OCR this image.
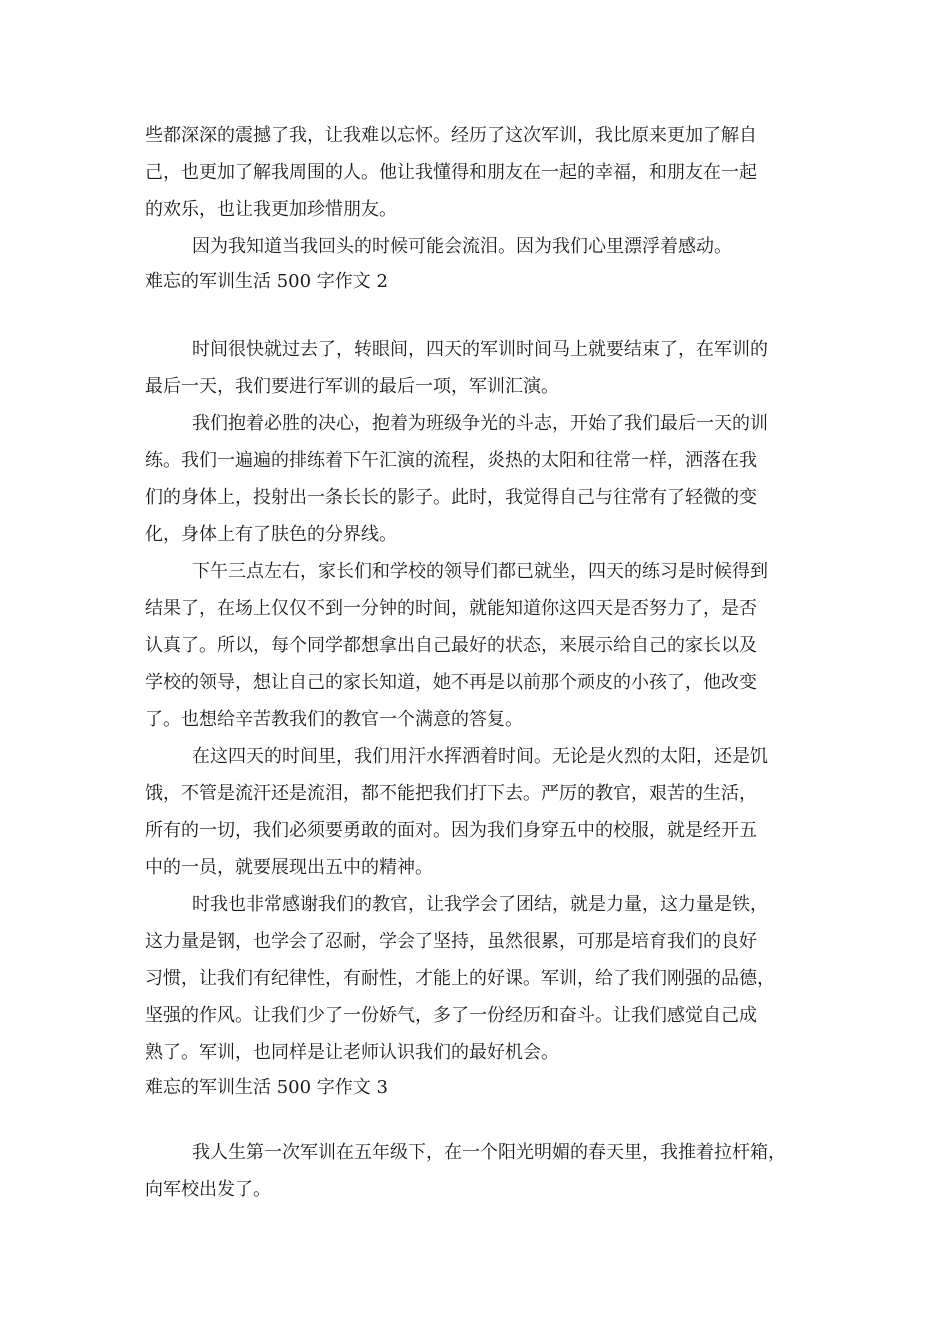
些都深深的震撼了我，让我难以忘怀。经历了这次军训，我比原来更加了解自
己，也更加了解我周围的人。他让我懂得和朋友在一起的幸福，和朋友在一起
的欢乐，也让我更加珍惜朋友。
因为我知道当我回头的时候可能会流泪。因为我们心里漂浮着感动。
难忘的军训生活 500 字作文 2
时间很快就过去了，转眼间，四天的军训时间马上就要结束了，在军训的
最后一天，我们要进行军训的最后一项，军训汇演。
我们抱着必胜的决心，抱着为班级争光的斗志，开始了我们最后一天的训
练。我们一遍遍的排练着下午汇演的流程，炎热的太阳和往常一样，洒落在我
们的身体上，投射出一条长长的影子。此时，我觉得自己与往常有了轻微的变
化，身体上有了肤色的分界线。
下午三点左右，家长们和学校的领导们都已就坐，四天的练习是时候得到
结果了，在场上仅仅不到一分钟的时间，就能知道你这四天是否努力了，是否
认真了。所以，每个同学都想拿出自己最好的状态，来展示给自己的家长以及
学校的领导，想让自己的家长知道，她不再是以前那个顽皮的小孩了，他改变
了。也想给辛苦教我们的教官一个满意的答复。
在这四天的时间里，我们用汗水挥洒着时间。无论是火烈的太阳，还是饥
饿，不管是流汗还是流泪，都不能把我们打下去。严厉的教官，艰苦的生活，
所有的一切，我们必须要勇敢的面对。因为我们身穿五中的校服，就是经开五
中的一员，就要展现出五中的精神。
时我也非常感谢我们的教官，让我学会了团结，就是力量，这力量是铁，
这力量是钢，也学会了忍耐，学会了坚持，虽然很累，可那是培育我们的良好
习惯，让我们有纪律性，有耐性，才能上的好课。军训，给了我们刚强的品德，
坚强的作风。让我们少了一份娇气，多了一份经历和奋斗。让我们感觉自己成
熟了。军训，也同样是让老师认识我们的最好机会。
难忘的军训生活 500 字作文 3
我人生第一次军训在五年级下，在一个阳光明媚的春天里，我推着拉杆箱，
向军校出发了。
